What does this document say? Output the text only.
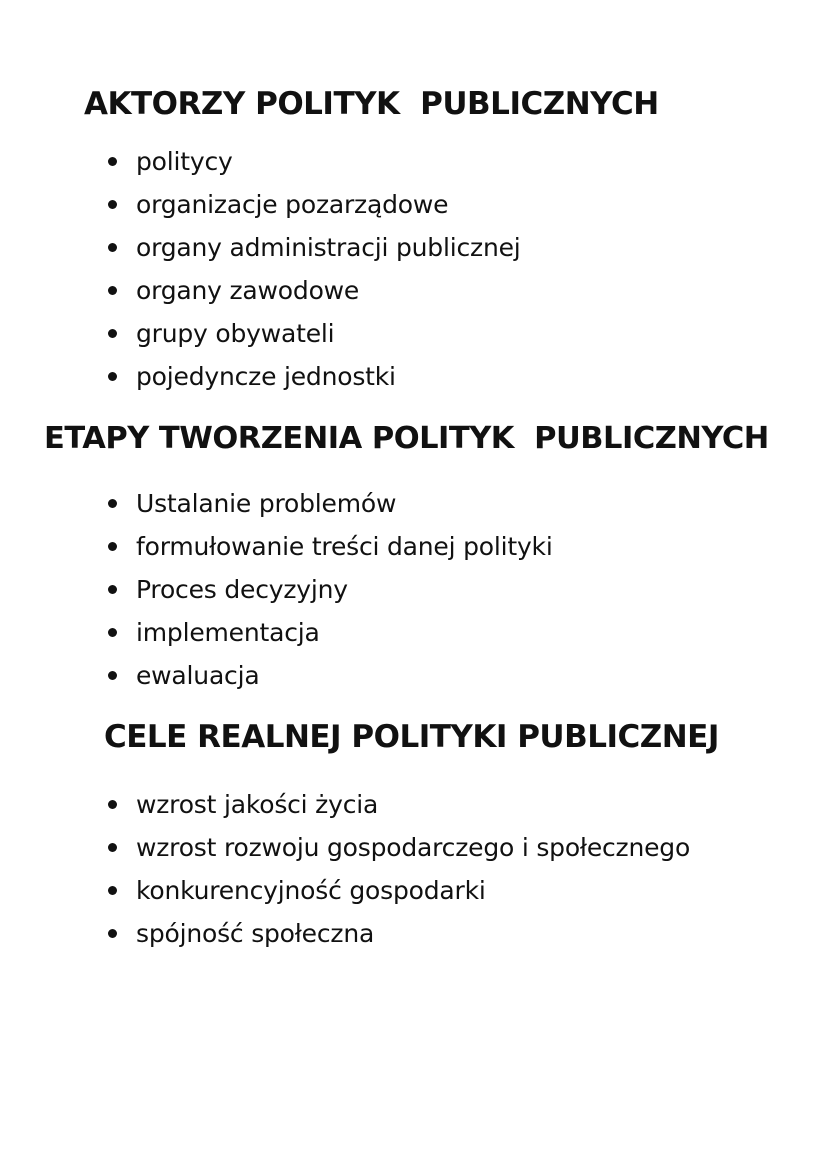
AKTORZY POLITYK  PUBLICZNYCH
politycy
organizacje pozarządowe
organy administracji publicznej
organy zawodowe
grupy obywateli
pojedyncze jednostki
ETAPY TWORZENIA POLITYK  PUBLICZNYCH
Ustalanie problemów
formułowanie treści danej polityki
Proces decyzyjny
implementacja
ewaluacja
CELE REALNEJ POLITYKI PUBLICZNEJ
wzrost jakości życia
wzrost rozwoju gospodarczego i społecznego
konkurencyjność gospodarki
spójność społeczna
